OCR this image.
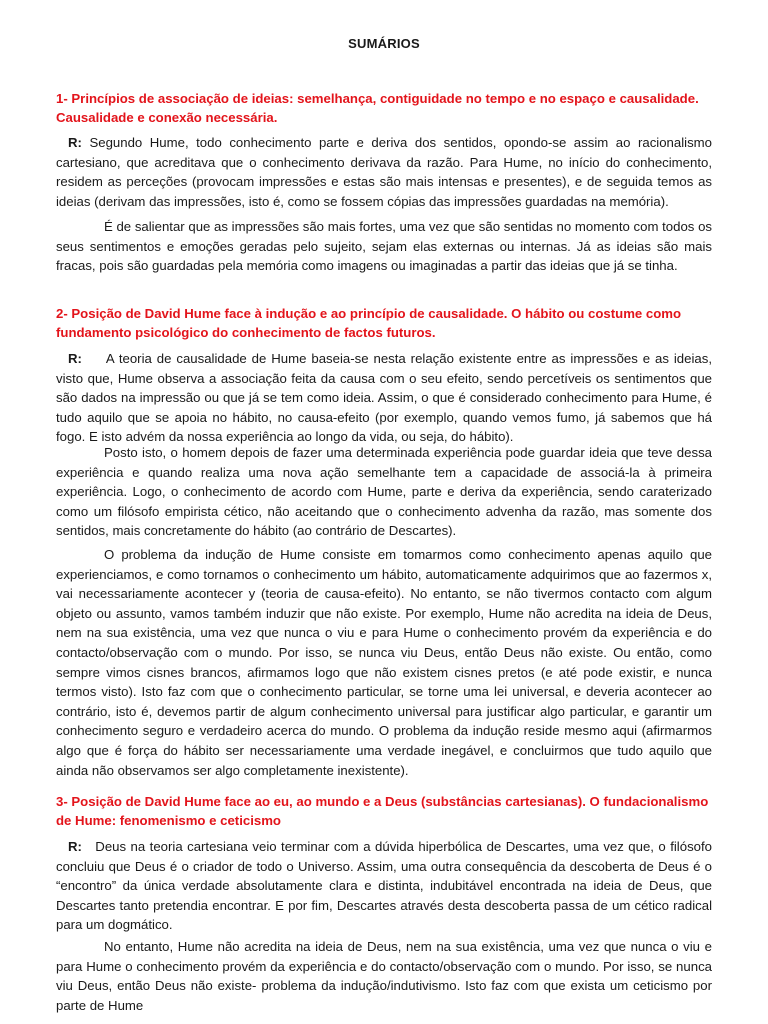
SUMÁRIOS
1- Princípios de associação de ideias: semelhança, contiguidade no tempo e no espaço e causalidade. Causalidade e conexão necessária.
R: Segundo Hume, todo conhecimento parte e deriva dos sentidos, opondo-se assim ao racionalismo cartesiano, que acreditava que o conhecimento derivava da razão. Para Hume, no início do conhecimento, residem as perceções (provocam impressões e estas são mais intensas e presentes), e de seguida temos as ideias (derivam das impressões, isto é, como se fossem cópias das impressões guardadas na memória).
É de salientar que as impressões são mais fortes, uma vez que são sentidas no momento com todos os seus sentimentos e emoções geradas pelo sujeito, sejam elas externas ou internas. Já as ideias são mais fracas, pois são guardadas pela memória como imagens ou imaginadas a partir das ideias que já se tinha.
2- Posição de David Hume face à indução e ao princípio de causalidade. O hábito ou costume como fundamento psicológico do conhecimento de factos futuros.
R: A teoria de causalidade de Hume baseia-se nesta relação existente entre as impressões e as ideias, visto que, Hume observa a associação feita da causa com o seu efeito, sendo percetíveis os sentimentos que são dados na impressão ou que já se tem como ideia. Assim, o que é considerado conhecimento para Hume, é tudo aquilo que se apoia no hábito, no causa-efeito (por exemplo, quando vemos fumo, já sabemos que há fogo. E isto advém da nossa experiência ao longo da vida, ou seja, do hábito).
Posto isto, o homem depois de fazer uma determinada experiência pode guardar ideia que teve dessa experiência e quando realiza uma nova ação semelhante tem a capacidade de associá-la à primeira experiência. Logo, o conhecimento de acordo com Hume, parte e deriva da experiência, sendo caraterizado como um filósofo empirista cético, não aceitando que o conhecimento advenha da razão, mas somente dos sentidos, mais concretamente do hábito (ao contrário de Descartes).
O problema da indução de Hume consiste em tomarmos como conhecimento apenas aquilo que experienciamos, e como tornamos o conhecimento um hábito, automaticamente adquirimos que ao fazermos x, vai necessariamente acontecer y (teoria de causa-efeito). No entanto, se não tivermos contacto com algum objeto ou assunto, vamos também induzir que não existe. Por exemplo, Hume não acredita na ideia de Deus, nem na sua existência, uma vez que nunca o viu e para Hume o conhecimento provém da experiência e do contacto/observação com o mundo. Por isso, se nunca viu Deus, então Deus não existe. Ou então, como sempre vimos cisnes brancos, afirmamos logo que não existem cisnes pretos (e até pode existir, e nunca termos visto). Isto faz com que o conhecimento particular, se torne uma lei universal, e deveria acontecer ao contrário, isto é, devemos partir de algum conhecimento universal para justificar algo particular, e garantir um conhecimento seguro e verdadeiro acerca do mundo. O problema da indução reside mesmo aqui (afirmarmos algo que é força do hábito ser necessariamente uma verdade inegável, e concluirmos que tudo aquilo que ainda não observamos ser algo completamente inexistente).
3- Posição de David Hume face ao eu, ao mundo e a Deus (substâncias cartesianas). O fundacionalismo de Hume: fenomenismo e ceticismo
R: Deus na teoria cartesiana veio terminar com a dúvida hiperbólica de Descartes, uma vez que, o filósofo concluiu que Deus é o criador de todo o Universo. Assim, uma outra consequência da descoberta de Deus é o “encontro” da única verdade absolutamente clara e distinta, indubitável encontrada na ideia de Deus, que Descartes tanto pretendia encontrar. E por fim, Descartes através desta descoberta passa de um cético radical para um dogmático.
No entanto, Hume não acredita na ideia de Deus, nem na sua existência, uma vez que nunca o viu e para Hume o conhecimento provém da experiência e do contacto/observação com o mundo. Por isso, se nunca viu Deus, então Deus não existe- problema da indução/indutivismo. Isto faz com que exista um ceticismo por parte de Hume
